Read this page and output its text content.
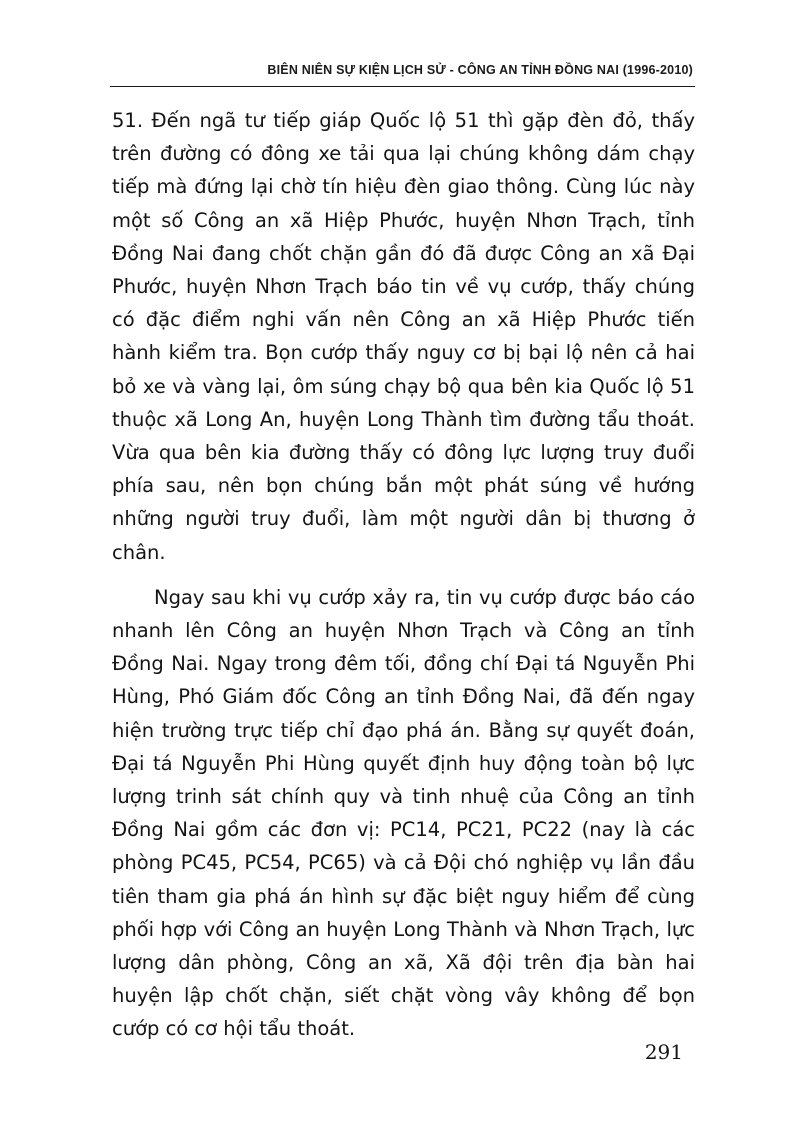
BIÊN NIÊN SỰ KIỆN LỊCH SỬ - CÔNG AN TỈNH ĐỒNG NAI (1996-2010)

51. Đến ngã tư tiếp giáp Quốc lộ 51 thì gặp đèn đỏ, thấy trên đường có đông xe tải qua lại chúng không dám chạy tiếp mà đứng lại chờ tín hiệu đèn giao thông. Cùng lúc này một số Công an xã Hiệp Phước, huyện Nhơn Trạch, tỉnh Đồng Nai đang chốt chặn gần đó đã được Công an xã Đại Phước, huyện Nhơn Trạch báo tin về vụ cướp, thấy chúng có đặc điểm nghi vấn nên Công an xã Hiệp Phước tiến hành kiểm tra. Bọn cướp thấy nguy cơ bị bại lộ nên cả hai bỏ xe và vàng lại, ôm súng chạy bộ qua bên kia Quốc lộ 51 thuộc xã Long An, huyện Long Thành tìm đường tẩu thoát. Vừa qua bên kia đường thấy có đông lực lượng truy đuổi phía sau, nên bọn chúng bắn một phát súng về hướng những người truy đuổi, làm một người dân bị thương ở chân.

Ngay sau khi vụ cướp xảy ra, tin vụ cướp được báo cáo nhanh lên Công an huyện Nhơn Trạch và Công an tỉnh Đồng Nai. Ngay trong đêm tối, đồng chí Đại tá Nguyễn Phi Hùng, Phó Giám đốc Công an tỉnh Đồng Nai, đã đến ngay hiện trường trực tiếp chỉ đạo phá án. Bằng sự quyết đoán, Đại tá Nguyễn Phi Hùng quyết định huy động toàn bộ lực lượng trinh sát chính quy và tinh nhuệ của Công an tỉnh Đồng Nai gồm các đơn vị: PC14, PC21, PC22 (nay là các phòng PC45, PC54, PC65) và cả Đội chó nghiệp vụ lần đầu tiên tham gia phá án hình sự đặc biệt nguy hiểm để cùng phối hợp với Công an huyện Long Thành và Nhơn Trạch, lực lượng dân phòng, Công an xã, Xã đội trên địa bàn hai huyện lập chốt chặn, siết chặt vòng vây không để bọn cướp có cơ hội tẩu thoát.

291
